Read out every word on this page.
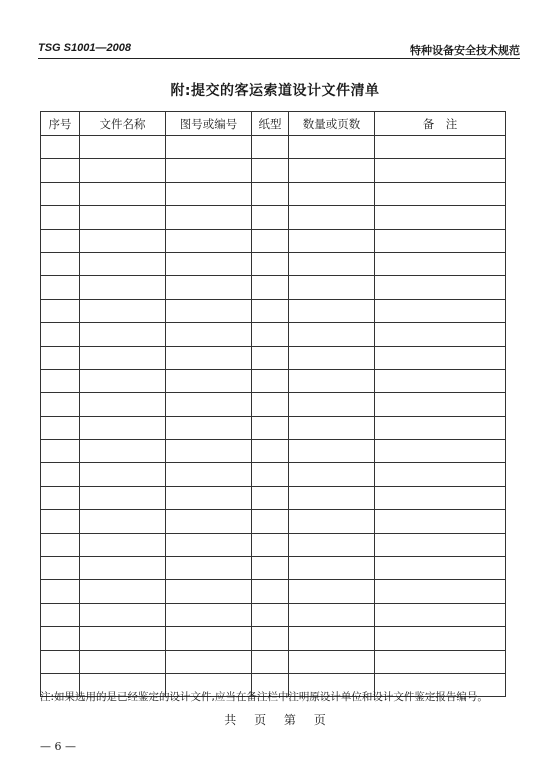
TSG S1001—2008	特种设备安全技术规范
附:提交的客运索道设计文件清单
序号	文件名称	图号或编号	纸型	数量或页数	备　注

注:如果选用的是已经鉴定的设计文件,应当在备注栏中注明原设计单位和设计文件鉴定报告编号。
共 页 第 页
— 6 —
